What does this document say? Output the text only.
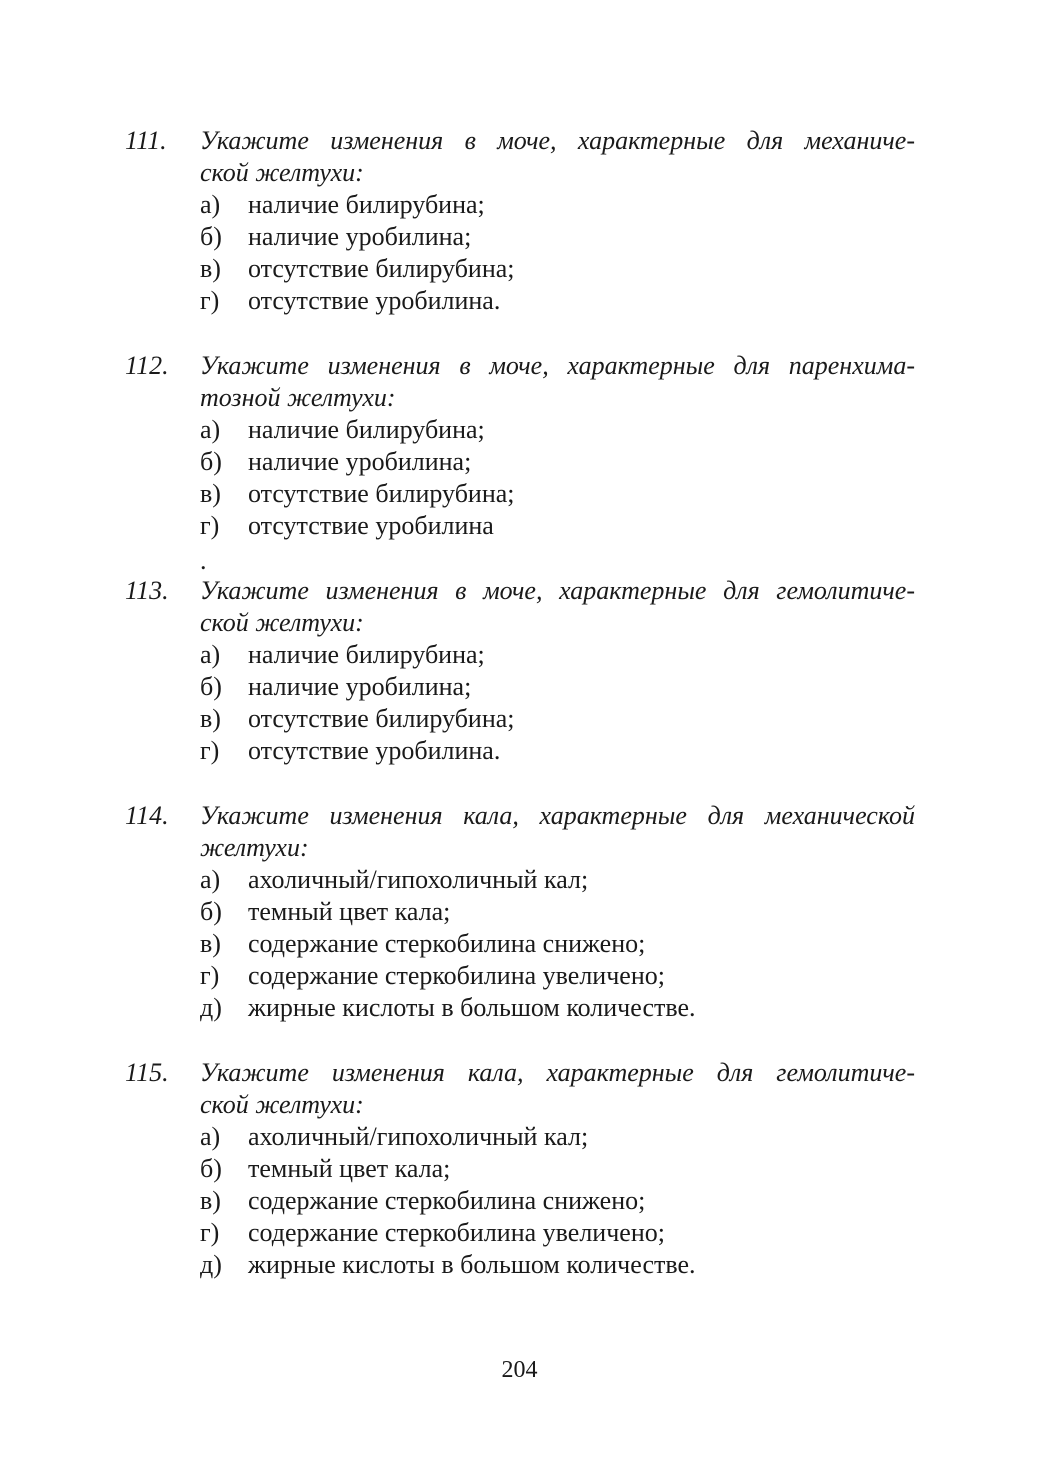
111.	Укажите изменения в моче, характерные для механиче-
ской желтухи:
а) наличие билирубина;
б) наличие уробилина;
в) отсутствие билирубина;
г) отсутствие уробилина.
112.	Укажите изменения в моче, характерные для паренхима-
тозной желтухи:
а) наличие билирубина;
б) наличие уробилина;
в) отсутствие билирубина;
г) отсутствие уробилина
.
113.	Укажите изменения в моче, характерные для гемолитиче-
ской желтухи:
а) наличие билирубина;
б) наличие уробилина;
в) отсутствие билирубина;
г) отсутствие уробилина.
114.	Укажите изменения кала, характерные для механической
желтухи:
а) ахоличный/гипохоличный кал;
б) темный цвет кала;
в) содержание стеркобилина снижено;
г) содержание стеркобилина увеличено;
д) жирные кислоты в большом количестве.
115.	Укажите изменения кала, характерные для гемолитиче-
ской желтухи:
а) ахоличный/гипохоличный кал;
б) темный цвет кала;
в) содержание стеркобилина снижено;
г) содержание стеркобилина увеличено;
д) жирные кислоты в большом количестве.
204
